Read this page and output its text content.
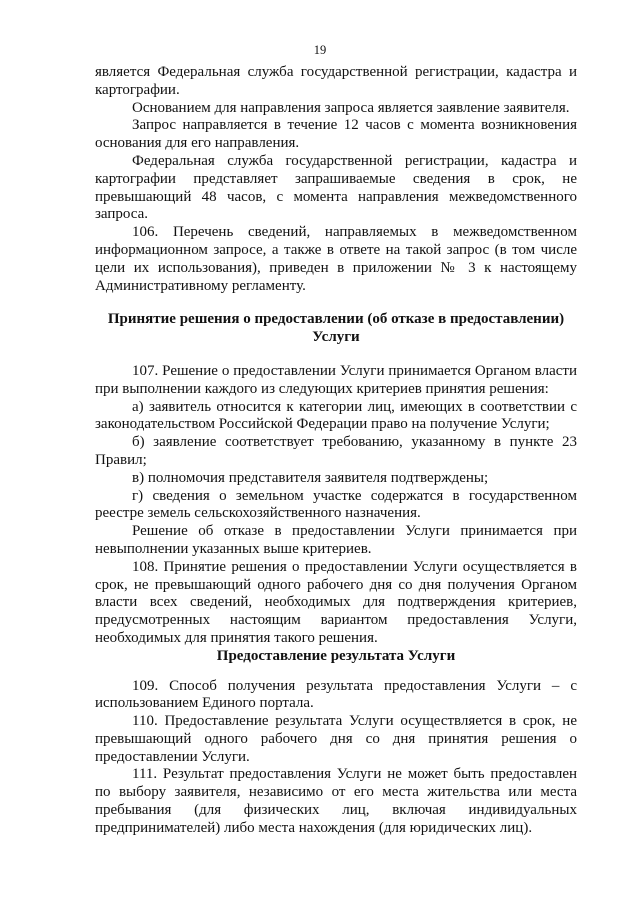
19

является Федеральная служба государственной регистрации, кадастра и картографии.

Основанием для направления запроса является заявление заявителя.

Запрос направляется в течение 12 часов с момента возникновения основания для его направления.

Федеральная служба государственной регистрации, кадастра и картографии представляет запрашиваемые сведения в срок, не превышающий 48 часов, с момента направления межведомственного запроса.

106. Перечень сведений, направляемых в межведомственном информационном запросе, а также в ответе на такой запрос (в том числе цели их использования), приведен в приложении № 3 к настоящему Административному регламенту.

Принятие решения о предоставлении (об отказе в предоставлении) Услуги

107. Решение о предоставлении Услуги принимается Органом власти при выполнении каждого из следующих критериев принятия решения:

а) заявитель относится к категории лиц, имеющих в соответствии с законодательством Российской Федерации право на получение Услуги;

б) заявление соответствует требованию, указанному в пункте 23 Правил;

в) полномочия представителя заявителя подтверждены;

г) сведения о земельном участке содержатся в государственном реестре земель сельскохозяйственного назначения.

Решение об отказе в предоставлении Услуги принимается при невыполнении указанных выше критериев.

108. Принятие решения о предоставлении Услуги осуществляется в срок, не превышающий одного рабочего дня со дня получения Органом власти всех сведений, необходимых для подтверждения критериев, предусмотренных настоящим вариантом предоставления Услуги, необходимых для принятия такого решения.

Предоставление результата Услуги

109. Способ получения результата предоставления Услуги – с использованием Единого портала.

110. Предоставление результата Услуги осуществляется в срок, не превышающий одного рабочего дня со дня принятия решения о предоставлении Услуги.

111. Результат предоставления Услуги не может быть предоставлен по выбору заявителя, независимо от его места жительства или места пребывания (для физических лиц, включая индивидуальных предпринимателей) либо места нахождения (для юридических лиц).
